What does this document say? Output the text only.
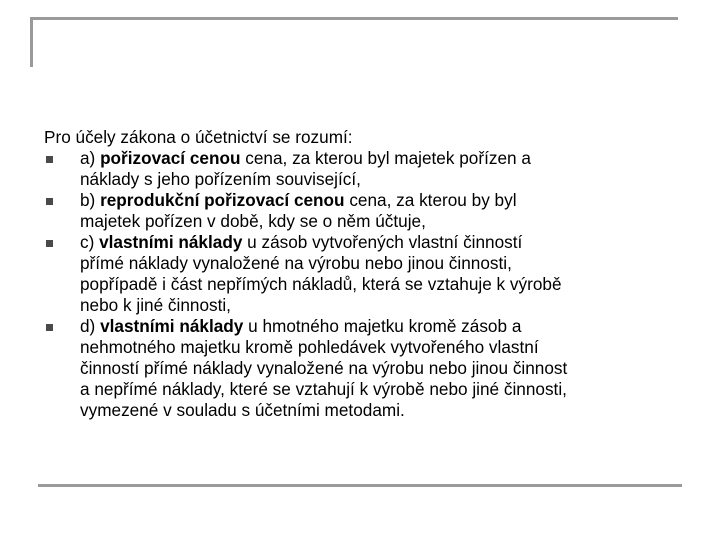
Pro účely zákona o účetnictví se rozumí:

a) pořizovací cenou cena, za kterou byl majetek pořízen a
náklady s jeho pořízením související,
b) reprodukční pořizovací cenou cena, za kterou by byl
majetek pořízen v době, kdy se o něm účtuje,
c) vlastními náklady u zásob vytvořených vlastní činností
přímé náklady vynaložené na výrobu nebo jinou činnosti,
popřípadě i část nepřímých nákladů, která se vztahuje k výrobě
nebo k jiné činnosti,
d) vlastními náklady u hmotného majetku kromě zásob a
nehmotného majetku kromě pohledávek vytvořeného vlastní
činností přímé náklady vynaložené na výrobu nebo jinou činnost
a nepřímé náklady, které se vztahují k výrobě nebo jiné činnosti,
vymezené v souladu s účetními metodami.
